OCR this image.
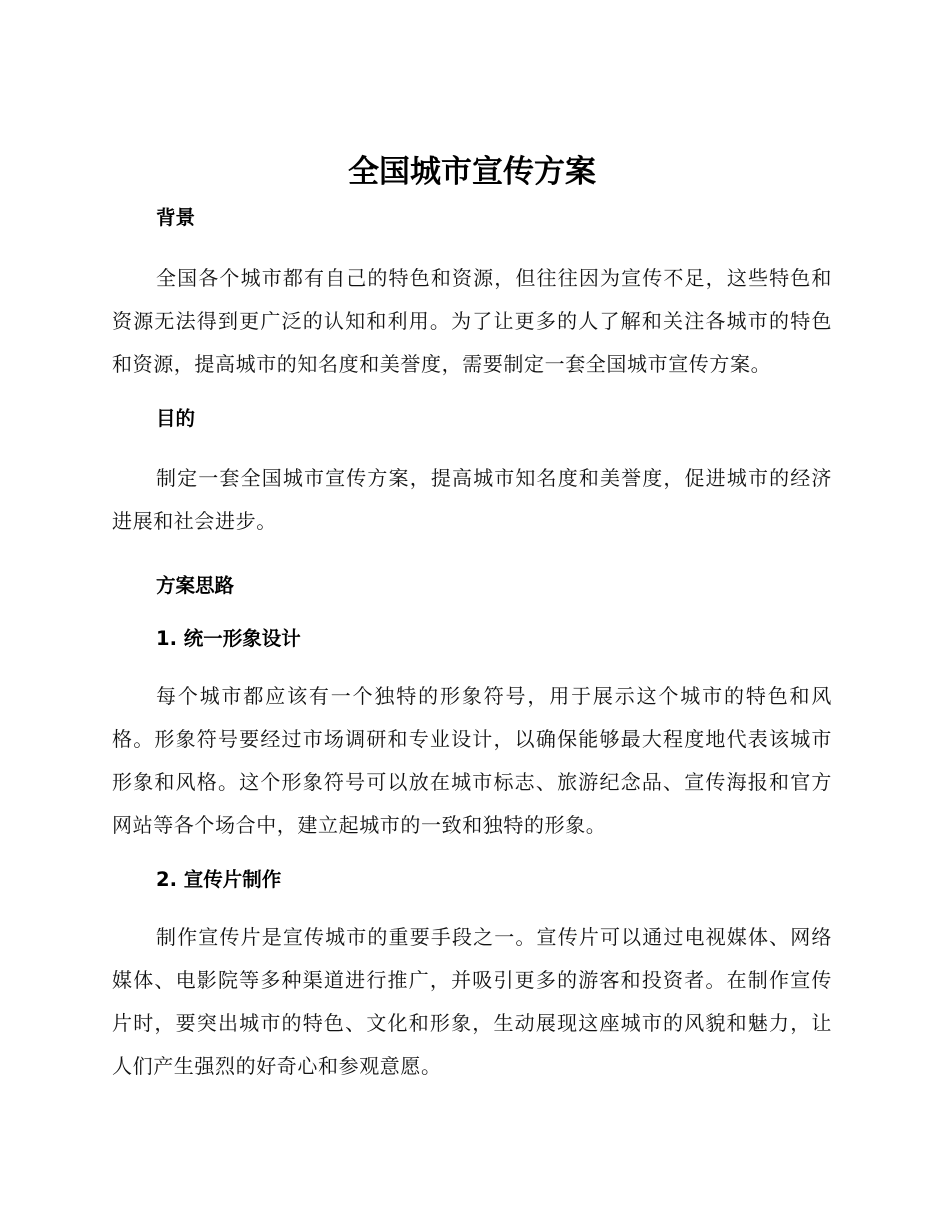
全国城市宣传方案
背景

全国各个城市都有自己的特色和资源，但往往因为宣传不足，这些特色和资源无法得到更广泛的认知和利用。为了让更多的人了解和关注各城市的特色和资源，提高城市的知名度和美誉度，需要制定一套全国城市宣传方案。

目的

制定一套全国城市宣传方案，提高城市知名度和美誉度，促进城市的经济进展和社会进步。

方案思路
1. 统一形象设计

每个城市都应该有一个独特的形象符号，用于展示这个城市的特色和风格。形象符号要经过市场调研和专业设计，以确保能够最大程度地代表该城市形象和风格。这个形象符号可以放在城市标志、旅游纪念品、宣传海报和官方网站等各个场合中，建立起城市的一致和独特的形象。

2. 宣传片制作

制作宣传片是宣传城市的重要手段之一。宣传片可以通过电视媒体、网络媒体、电影院等多种渠道进行推广，并吸引更多的游客和投资者。在制作宣传片时，要突出城市的特色、文化和形象，生动展现这座城市的风貌和魅力，让人们产生强烈的好奇心和参观意愿。
